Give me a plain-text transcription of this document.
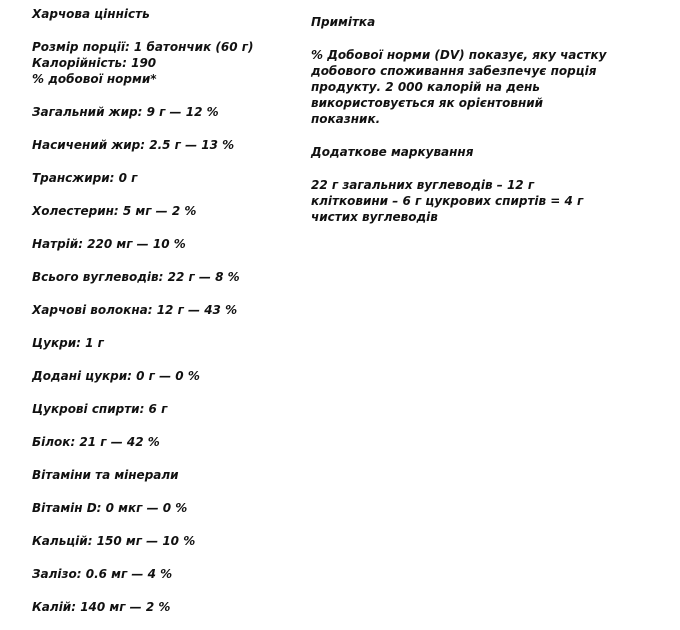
Харчова цінність
Розмір порції: 1 батончик (60 г)
Калорійність: 190
% добової норми*
Загальний жир: 9 г — 12 %
Насичений жир: 2.5 г — 13 %
Трансжири: 0 г
Холестерин: 5 мг — 2 %
Натрій: 220 мг — 10 %
Всього вуглеводів: 22 г — 8 %
Харчові волокна: 12 г — 43 %
Цукри: 1 г
Додані цукри: 0 г — 0 %
Цукрові спирти: 6 г
Білок: 21 г — 42 %
Вітаміни та мінерали
Вітамін D: 0 мкг — 0 %
Кальцій: 150 мг — 10 %
Залізо: 0.6 мг — 4 %
Калій: 140 мг — 2 %
Примітка
% Добової норми (DV) показує, яку частку добового споживання забезпечує порція продукту. 2 000 калорій на день використовується як орієнтовний показник.
Додаткове маркування
22 г загальних вуглеводів – 12 г клітковини – 6 г цукрових спиртів = 4 г чистих вуглеводів
